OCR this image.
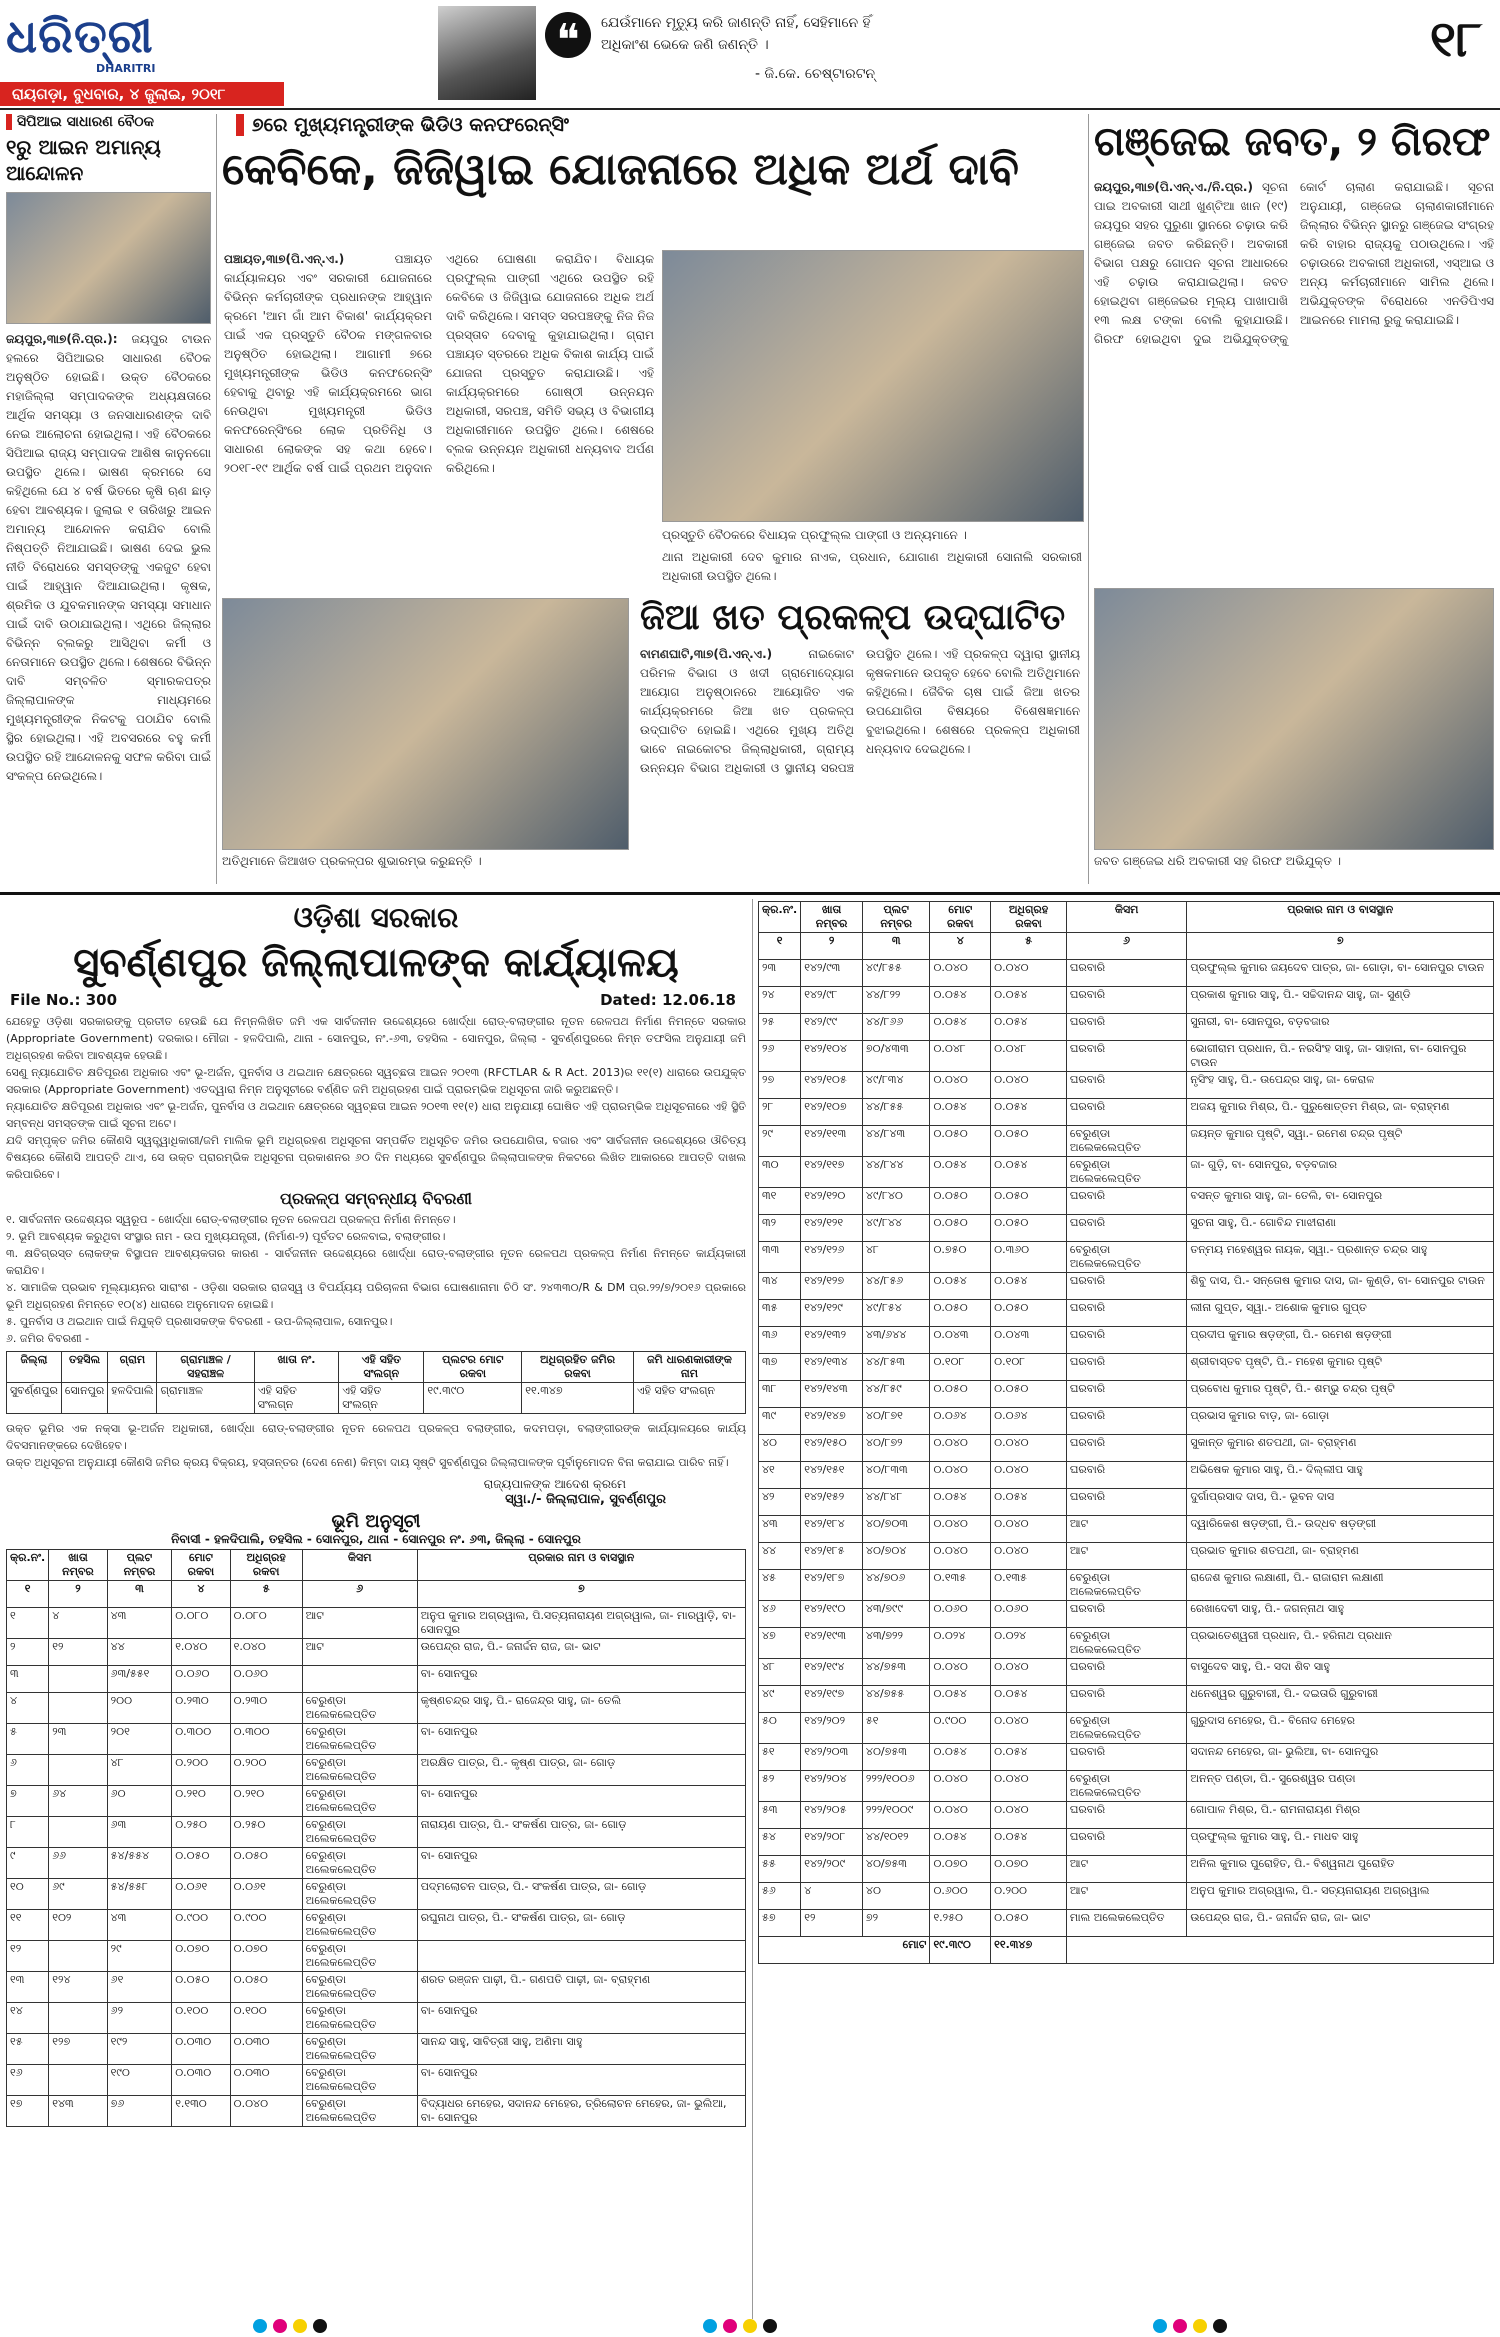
ଧରିତ୍ରୀ
DHARITRI
ରାୟଗଡ଼ା, ବୁଧବାର, ୪ ଜୁଲାଇ, ୨୦୧୮
❝	ଯେଉଁମାନେ ମୃତ୍ୟୁ କରି ଜାଣନ୍ତି ନାହିଁ, ସେହିମାନେ ହିଁ
ଅଧିକାଂଶ ଭେକେ ଜଣି ଜଣନ୍ତି ।
- ଜି.କେ. ଚେଷ୍ଟାରଟନ୍
୧୮
ସିପିଆଇ ସାଧାରଣ ବୈଠକ
୧ରୁ ଆଇନ ଅମାନ୍ୟ ଆନ୍ଦୋଳନ
ଜୟପୁର,୩ା୭(ନି.ପ୍ର.): ଜୟପୁର ଟାଉନ ହଲରେ ସିପିଆଇର ସାଧାରଣ ବୈଠକ ଅନୁଷ୍ଠିତ ହୋଇଛି। ଉକ୍ତ ବୈଠକରେ ମହାଜିଲ୍ଲା ସମ୍ପାଦକଙ୍କ ଅଧ୍ୟକ୍ଷତାରେ ଆର୍ଥିକ ସମସ୍ୟା ଓ ଜନସାଧାରଣଙ୍କ ଦାବି ନେଇ ଆଲୋଚନା ହୋଇଥିଲା। ଏହି ବୈଠକରେ ସିପିଆଇ ରାଜ୍ୟ ସମ୍ପାଦକ ଆଶିଷ କାନୁନଗୋ ଉପସ୍ଥିତ ଥିଲେ। ଭାଷଣ କ୍ରମରେ ସେ କହିଥିଲେ ଯେ ୪ ବର୍ଷ ଭିତରେ କୃଷି ଋଣ ଛାଡ଼ ହେବା ଆବଶ୍ୟକ। ଜୁଲାଇ ୧ ତାରିଖରୁ ଆଇନ ଅମାନ୍ୟ ଆନ୍ଦୋଳନ କରାଯିବ ବୋଲି ନିଷ୍ପତ୍ତି ନିଆଯାଇଛି। ଭାଷଣ ଦେଇ ଭୁଲ ନୀତି ବିରୋଧରେ ସମସ୍ତଙ୍କୁ ଏକଜୁଟ ହେବା ପାଇଁ ଆହ୍ୱାନ ଦିଆଯାଇଥିଲା। କୃଷକ, ଶ୍ରମିକ ଓ ଯୁବକମାନଙ୍କ ସମସ୍ୟା ସମାଧାନ ପାଇଁ ଦାବି ଉଠାଯାଇଥିଲା। ଏଥିରେ ଜିଲ୍ଲାର ବିଭିନ୍ନ ବ୍ଲକରୁ ଆସିଥିବା କର୍ମୀ ଓ ନେତାମାନେ ଉପସ୍ଥିତ ଥିଲେ। ଶେଷରେ ବିଭିନ୍ନ ଦାବି ସମ୍ବଳିତ ସ୍ମାରକପତ୍ର ଜିଲ୍ଲାପାଳଙ୍କ ମାଧ୍ୟମରେ ମୁଖ୍ୟମନ୍ତ୍ରୀଙ୍କ ନିକଟକୁ ପଠାଯିବ ବୋଲି ସ୍ଥିର ହୋଇଥିଲା। ଏହି ଅବସରରେ ବହୁ କର୍ମୀ ଉପସ୍ଥିତ ରହି ଆନ୍ଦୋଳନକୁ ସଫଳ କରିବା ପାଇଁ ସଂକଳ୍ପ ନେଇଥିଲେ।
୭ରେ ମୁଖ୍ୟମନ୍ତ୍ରୀଙ୍କ ଭିଡିଓ କନଫରେନ୍ସିଂ
କେବିକେ, ଜିଜିୱାଇ ଯୋଜନାରେ ଅଧିକ ଅର୍ଥ ଦାବି
ପଞ୍ଚାୟତ,୩ା୭(ପି.ଏନ୍.ଏ.)	ପଞ୍ଚାୟତ କାର୍ଯ୍ୟାଳୟର ଏବଂ ସରକାରୀ ଯୋଜନାରେ ବିଭିନ୍ନ କର୍ମଚାରୀଙ୍କ ପ୍ରଧାନଙ୍କ ଆହ୍ୱାନ କ୍ରମେ 'ଆମ ଗାଁ ଆମ ବିକାଶ' କାର୍ଯ୍ୟକ୍ରମ ପାଇଁ ଏକ ପ୍ରସ୍ତୁତି ବୈଠକ ମଙ୍ଗଳବାର ଅନୁଷ୍ଠିତ ହୋଇଥିଲା। ଆଗାମୀ ୭ରେ ମୁଖ୍ୟମନ୍ତ୍ରୀଙ୍କ ଭିଡିଓ କନଫରେନ୍ସିଂ ହେବାକୁ ଥିବାରୁ ଏହି କାର୍ଯ୍ୟକ୍ରମରେ ଭାଗ ନେଉଥିବା ମୁଖ୍ୟମନ୍ତ୍ରୀ ଭିଡିଓ କନଫରେନ୍ସିଂରେ ଲୋକ ପ୍ରତିନିଧି ଓ ସାଧାରଣ ଲୋକଙ୍କ ସହ କଥା ହେବେ। ୨୦୧୮-୧୯ ଆର୍ଥିକ ବର୍ଷ ପାଇଁ ପ୍ରଥମ ଅନୁଦାନ ଏଥିରେ ଘୋଷଣା କରାଯିବ। ବିଧାୟକ ପ୍ରଫୁଲ୍ଲ ପାଙ୍ଗୀ ଏଥିରେ ଉପସ୍ଥିତ ରହି କେବିକେ ଓ ଜିଜିୱାଇ ଯୋଜନାରେ ଅଧିକ ଅର୍ଥ ଦାବି କରିଥିଲେ। ସମସ୍ତ ସରପଞ୍ଚଙ୍କୁ ନିଜ ନିଜ ପ୍ରସ୍ତାବ ଦେବାକୁ କୁହାଯାଇଥିଲା। ଗ୍ରାମ ପଞ୍ଚାୟତ ସ୍ତରରେ ଅଧିକ ବିକାଶ କାର୍ଯ୍ୟ ପାଇଁ ଯୋଜନା ପ୍ରସ୍ତୁତ କରାଯାଉଛି। ଏହି କାର୍ଯ୍ୟକ୍ରମରେ ଗୋଷ୍ଠୀ ଉନ୍ନୟନ ଅଧିକାରୀ, ସରପଞ୍ଚ, ସମିତି ସଭ୍ୟ ଓ ବିଭାଗୀୟ ଅଧିକାରୀମାନେ ଉପସ୍ଥିତ ଥିଲେ। ଶେଷରେ ବ୍ଲକ ଉନ୍ନୟନ ଅଧିକାରୀ ଧନ୍ୟବାଦ ଅର୍ପଣ କରିଥିଲେ।
ପ୍ରସ୍ତୁତି ବୈଠକରେ ବିଧାୟକ ପ୍ରଫୁଲ୍ଲ ପାଙ୍ଗୀ ଓ ଅନ୍ୟମାନେ ।
ଥାନା ଅଧିକାରୀ ଦେବ କୁମାର ନାଏକ, ପ୍ରଧାନ, ଯୋଗାଣ ଅଧିକାରୀ ସୋନାଲି ସରକାରୀ ଅଧିକାରୀ ଉପସ୍ଥିତ ଥିଲେ।
ଅତିଥିମାନେ ଜିଆଖତ ପ୍ରକଳ୍ପର ଶୁଭାରମ୍ଭ କରୁଛନ୍ତି ।
ଜିଆ ଖତ ପ୍ରକଳ୍ପ ଉଦ୍‌ଘାଟିତ
ବାମଣଘାଟି,୩ା୭(ପି.ଏନ୍.ଏ.)	ନାଇକୋଟ ପରିମଳ ବିଭାଗ ଓ ଖଦୀ ଗ୍ରାମୋଦ୍ୟୋଗ ଆୟୋଗ ଅନୁଷ୍ଠାନରେ ଆୟୋଜିତ ଏକ କାର୍ଯ୍ୟକ୍ରମରେ ଜିଆ ଖତ ପ୍ରକଳ୍ପ ଉଦ୍‌ଘାଟିତ ହୋଇଛି। ଏଥିରେ ମୁଖ୍ୟ ଅତିଥି ଭାବେ ନାଇକୋଟର ଜିଲ୍ଲାଧିକାରୀ, ଗ୍ରାମ୍ୟ ଉନ୍ନୟନ ବିଭାଗ ଅଧିକାରୀ ଓ ସ୍ଥାନୀୟ ସରପଞ୍ଚ ଉପସ୍ଥିତ ଥିଲେ। ଏହି ପ୍ରକଳ୍ପ ଦ୍ୱାରା ସ୍ଥାନୀୟ କୃଷକମାନେ ଉପକୃତ ହେବେ ବୋଲି ଅତିଥିମାନେ କହିଥିଲେ। ଜୈବିକ ଚାଷ ପାଇଁ ଜିଆ ଖତର ଉପଯୋଗିତା ବିଷୟରେ ବିଶେଷଜ୍ଞମାନେ ବୁଝାଇଥିଲେ। ଶେଷରେ ପ୍ରକଳ୍ପ ଅଧିକାରୀ ଧନ୍ୟବାଦ ଦେଇଥିଲେ।
ଗଞ୍ଜେଇ ଜବତ, ୨ ଗିରଫ
ଜୟପୁର,୩ା୭(ପି.ଏନ୍.ଏ./ନି.ପ୍ର.) ସୂଚନା ପାଇ ଅବକାରୀ ସାଥୀ ଖୁଣ୍ଟିଆ ଖାନ (୧୯) ଜୟପୁର ସହର ପୁରୁଣା ସ୍ଥାନରେ ଚଢ଼ାଉ କରି ଗଞ୍ଜେଇ ଜବତ କରିଛନ୍ତି। ଅବକାରୀ ବିଭାଗ ପକ୍ଷରୁ ଗୋପନ ସୂଚନା ଆଧାରରେ ଏହି ଚଢ଼ାଉ କରାଯାଇଥିଲା। ଜବତ ହୋଇଥିବା ଗଞ୍ଜେଇର ମୂଲ୍ୟ ପାଖାପାଖି ୧୩ ଲକ୍ଷ ଟଙ୍କା ବୋଲି କୁହାଯାଉଛି। ଗିରଫ ହୋଇଥିବା ଦୁଇ ଅଭିଯୁକ୍ତଙ୍କୁ କୋର୍ଟ ଚାଲାଣ କରାଯାଇଛି। ସୂଚନା ଅନୁଯାୟୀ, ଗଞ୍ଜେଇ ଚାଲାଣକାରୀମାନେ ଜିଲ୍ଲାର ବିଭିନ୍ନ ସ୍ଥାନରୁ ଗଞ୍ଜେଇ ସଂଗ୍ରହ କରି ବାହାର ରାଜ୍ୟକୁ ପଠାଉଥିଲେ। ଏହି ଚଢ଼ାଉରେ ଅବକାରୀ ଅଧିକାରୀ, ଏସ୍ଆଇ ଓ ଅନ୍ୟ କର୍ମଚାରୀମାନେ ସାମିଲ ଥିଲେ। ଅଭିଯୁକ୍ତଙ୍କ ବିରୋଧରେ ଏନଡିପିଏସ ଆଇନରେ ମାମଲା ରୁଜୁ କରାଯାଇଛି।
ଜବତ ଗଞ୍ଜେଇ ଧରି ଅବକାରୀ ସହ ଗିରଫ ଅଭିଯୁକ୍ତ ।
ଓଡ଼ିଶା ସରକାର
ସୁବର୍ଣ୍ଣପୁର ଜିଲ୍ଲାପାଳଙ୍କ କାର୍ଯ୍ୟାଳୟ
File No.: 300	Dated: 12.06.18

ଯେହେତୁ ଓଡ଼ିଶା ସରକାରଙ୍କୁ ପ୍ରତୀତ ହେଉଛି ଯେ ନିମ୍ନଲିଖିତ ଜମି ଏକ ସାର୍ବଜନୀନ ଉଦ୍ଦେଶ୍ୟରେ ଖୋର୍ଦ୍ଧା ରୋଡ୍-ବଲାଙ୍ଗୀର ନୂତନ ରେଳପଥ ନିର୍ମାଣ ନିମନ୍ତେ ସରକାର (Appropriate Government) ଦରକାର। ମୌଜା - ହଳଦିପାଲି, ଥାନା - ସୋନପୁର, ନଂ.-୬୩, ତହସିଲ - ସୋନପୁର, ଜିଲ୍ଲା - ସୁବର୍ଣ୍ଣପୁରରେ ନିମ୍ନ ତଫସିଲ ଅନୁଯାୟୀ ଜମି ଅଧିଗ୍ରହଣ କରିବା ଆବଶ୍ୟକ ହେଉଛି।

ସେଣୁ ନ୍ୟାଯୋଚିତ କ୍ଷତିପୂରଣ ଅଧିକାର ଏବଂ ଭୂ-ଅର୍ଜନ, ପୁନର୍ବାସ ଓ ଥଇଥାନ କ୍ଷେତ୍ରରେ ସ୍ୱଚ୍ଛତା ଆଇନ ୨୦୧୩ (RFCTLAR & R Act. 2013)ର ୧୧(୧) ଧାରାରେ ଉପଯୁକ୍ତ ସରକାର (Appropriate Government) ଏତଦ୍ୱାରା ନିମ୍ନ ଅନୁସୂଚୀରେ ବର୍ଣ୍ଣିତ ଜମି ଅଧିଗ୍ରହଣ ପାଇଁ ପ୍ରାରମ୍ଭିକ ଅଧିସୂଚନା ଜାରି କରୁଅଛନ୍ତି।

ନ୍ୟାଯୋଚିତ କ୍ଷତିପୂରଣ ଅଧିକାର ଏବଂ ଭୂ-ଅର୍ଜନ, ପୁନର୍ବାସ ଓ ଥଇଥାନ କ୍ଷେତ୍ରରେ ସ୍ୱଚ୍ଛତା ଆଇନ ୨୦୧୩ ୧୧(୧) ଧାରା ଅନୁଯାୟୀ ଘୋଷିତ ଏହି ପ୍ରାରମ୍ଭିକ ଅଧିସୂଚନାରେ ଏହି ସ୍ଥିତି ସମ୍ବନ୍ଧ ସମସ୍ତଙ୍କ ପାଇଁ ସୂଚନା ଅଟେ।

ଯଦି ସମ୍ପୃକ୍ତ ଜମିର କୌଣସି ସ୍ୱତ୍ତ୍ୱାଧିକାରୀ/ଜମି ମାଲିକ ଭୂମି ଅଧିଗ୍ରହଣ ଅଧିସୂଚନା ସମ୍ପର୍କିତ ଅଧିସୂଚିତ ଜମିର ଉପଯୋଗିତା, ବଜାର ଏବଂ ସାର୍ବଜନୀନ ଉଦ୍ଦେଶ୍ୟରେ ଔଚିତ୍ୟ ବିଷୟରେ କୌଣସି ଆପତ୍ତି ଥାଏ, ସେ ଉକ୍ତ ପ୍ରାରମ୍ଭିକ ଅଧିସୂଚନା ପ୍ରକାଶନର ୬୦ ଦିନ ମଧ୍ୟରେ ସୁବର୍ଣ୍ଣପୁର ଜିଲ୍ଲାପାଳଙ୍କ ନିକଟରେ ଲିଖିତ ଆକାରରେ ଆପତ୍ତି ଦାଖଲ କରିପାରିବେ।

ପ୍ରକଳ୍ପ ସମ୍ବନ୍ଧୀୟ ବିବରଣୀ

୧. ସାର୍ବଜନୀନ ଉଦ୍ଦେଶ୍ୟର ସ୍ୱରୂପ - ଖୋର୍ଦ୍ଧା ରୋଡ୍-ବଲାଙ୍ଗୀର ନୂତନ ରେଳପଥ ପ୍ରକଳ୍ପ ନିର୍ମାଣ ନିମନ୍ତେ।

୨. ଭୂମି ଆବଶ୍ୟକ କରୁଥିବା ସଂସ୍ଥାର ନାମ - ଉପ ମୁଖ୍ୟଯନ୍ତ୍ରୀ, (ନିର୍ମାଣ-୨) ପୂର୍ବତଟ ରେଳବାଇ, ବଲାଙ୍ଗୀର।

୩. କ୍ଷତିଗ୍ରସ୍ତ ଲୋକଙ୍କ ବିସ୍ଥାପନ ଆବଶ୍ୟକତାର କାରଣ - ସାର୍ବଜନୀନ ଉଦ୍ଦେଶ୍ୟରେ ଖୋର୍ଦ୍ଧା ରୋଡ୍-ବଲାଙ୍ଗୀର ନୂତନ ରେଳପଥ ପ୍ରକଳ୍ପ ନିର୍ମାଣ ନିମନ୍ତେ କାର୍ଯ୍ୟକାରୀ କରାଯିବ।

୪. ସାମାଜିକ ପ୍ରଭାବ ମୂଲ୍ୟାୟନର ସାରାଂଶ - ଓଡ଼ିଶା ସରକାର ରାଜସ୍ୱ ଓ ବିପର୍ଯ୍ୟୟ ପରିଚାଳନା ବିଭାଗ ଘୋଷଣାନାମା ଚିଠି ସଂ. ୨୪୩୩୦/R & DM ପ୍ର.୨୨/୭/୨୦୧୬ ପ୍ରକାରେ ଭୂମି ଅଧିଗ୍ରହଣ ନିମନ୍ତେ ୧୦(୪) ଧାରାରେ ଅନୁମୋଦନ ହୋଇଛି।

୫. ପୁନର୍ବାସ ଓ ଥଇଥାନ ପାଇଁ ନିଯୁକ୍ତି ପ୍ରଶାସକଙ୍କ ବିବରଣୀ - ଉପ-ଜିଲ୍ଲାପାଳ, ସୋନପୁର।

୬. ଜମିର ବିବରଣୀ -

ଜିଲ୍ଲା	ତହସିଲ	ଗ୍ରାମ	ଗ୍ରାମାଞ୍ଚଳ / ସହରାଞ୍ଚଳ	ଖାତା ନଂ.	ଏହି ସହିତ ସଂଲଗ୍ନ	ପ୍ଲଟର ମୋଟ ରକବା	ଅଧିଗ୍ରହିତ ଜମିର ରକବା	ଜମି ଧାରଣକାରୀଙ୍କ ନାମ
ସୁବର୍ଣ୍ଣପୁର	ସୋନପୁର	ହଳଦିପାଲି	ଗ୍ରାମାଞ୍ଚଳ	ଏହି ସହିତ ସଂଲଗ୍ନ	ଏହି ସହିତ ସଂଲଗ୍ନ	୧୯.୩୯୦	୧୧.୩୪୭	ଏହି ସହିତ ସଂଲଗ୍ନ

ଉକ୍ତ ଭୂମିର ଏକ ନକ୍ସା ଭୂ-ଅର୍ଜନ ଅଧିକାରୀ, ଖୋର୍ଦ୍ଧା ରୋଡ୍-ବଲାଙ୍ଗୀର ନୂତନ ରେଳପଥ ପ୍ରକଳ୍ପ ବଲାଙ୍ଗୀର, କଦମପଡ଼ା, ବଲାଙ୍ଗୀରଙ୍କ କାର୍ଯ୍ୟାଳୟରେ କାର୍ଯ୍ୟ ଦିବସମାନଙ୍କରେ ଦେଖିହେବ।

ଉକ୍ତ ଅଧିସୂଚନା ଅନୁଯାୟୀ କୌଣସି ଜମିର କ୍ରୟ ବିକ୍ରୟ, ହସ୍ତାନ୍ତର (ଦେଣ ନେଣ) କିମ୍ବା ଦାୟ ସୃଷ୍ଟି ସୁବର୍ଣ୍ଣପୁର ଜିଲ୍ଲାପାଳଙ୍କ ପୂର୍ବାନୁମୋଦନ ବିନା କରାଯାଇ ପାରିବ ନାହିଁ।

ରାଜ୍ୟପାଳଙ୍କ ଆଦେଶ କ୍ରମେ
ସ୍ୱା./- ଜିଲ୍ଲାପାଳ, ସୁବର୍ଣ୍ଣପୁର
ଭୂମି ଅନୁସୂଚୀ
ନିବାସୀ - ହଳଦିପାଲି, ତହସିଲ - ସୋନପୁର, ଥାନା - ସୋନପୁର ନଂ. ୬୩, ଜିଲ୍ଲା - ସୋନପୁର
କ୍ର.ନଂ.	ଖାତା ନମ୍ବର	ପ୍ଲଟ ନମ୍ବର	ମୋଟ ରକବା	ଅଧିଗ୍ରହ ରକବା	କିସମ	ପ୍ରକାର ନାମ ଓ ବାସସ୍ଥାନ
୧	୨	୩	୪	୫	୬	୭
୧	୪	୪୩	୦.୦୮୦	୦.୦୮୦	ଆଟ	ଅନୁପ କୁମାର ଅଗ୍ରୱାଲ, ପି.ସତ୍ୟନାରାୟଣ ଅଗ୍ରୱାଲ, ଜା- ମାରୱାଡ଼ି, ବା- ସୋନପୁର
୨	୧୨	୪୪	୧.୦୪୦	୧.୦୪୦	ଆଟ	ଉପେନ୍ଦ୍ର ରାଜ, ପି.- ଜନାର୍ଦ୍ଦନ ରାଜ, ଜା- ଭାଟ
୩		୬୩/୫୫୧	୦.୦୬୦	୦.୦୬୦		ବା- ସୋନପୁର
୪		୨୦୦	୦.୨୩୦	୦.୨୩୦	ବେରୁଣ୍ଡା ଅଲେକଲେପ୍ତିତ	କୃଷ୍ଣଚନ୍ଦ୍ର ସାହୁ, ପି.- ରାଜେନ୍ଦ୍ର ସାହୁ, ଜା- ତେଲି
୫	୨୩	୨୦୧	୦.୩୦୦	୦.୩୦୦	ବେରୁଣ୍ଡା ଅଲେକଲେପ୍ତିତ	ବା- ସୋନପୁର
୬		୪୮	୦.୨୦୦	୦.୨୦୦	ବେରୁଣ୍ଡା ଅଲେକଲେପ୍ତିତ	ଅରକ୍ଷିତ ପାତ୍ର, ପି.- କୃଷ୍ଣ ପାତ୍ର, ଜା- ଗୋଡ଼
୭	୬୪	୬୦	୦.୨୧୦	୦.୨୧୦	ବେରୁଣ୍ଡା ଅଲେକଲେପ୍ତିତ	ବା- ସୋନପୁର
୮		୬୩	୦.୨୫୦	୦.୨୫୦	ବେରୁଣ୍ଡା ଅଲେକଲେପ୍ତିତ	ନାରାୟଣ ପାତ୍ର, ପି.- ସଂକର୍ଷଣ ପାତ୍ର, ଜା- ଗୋଡ଼
୯	୬୬	୫୪/୫୫୪	୦.୦୫୦	୦.୦୫୦	ବେରୁଣ୍ଡା ଅଲେକଲେପ୍ତିତ	ବା- ସୋନପୁର
୧୦	୬୯	୫୪/୫୫୮	୦.୦୬୧	୦.୦୬୧	ବେରୁଣ୍ଡା ଅଲେକଲେପ୍ତିତ	ପଦ୍ମଲୋଚନ ପାତ୍ର, ପି.- ସଂକର୍ଷଣ ପାତ୍ର, ଜା- ଗୋଡ଼
୧୧	୧୦୨	୪୩	୦.୯୦୦	୦.୯୦୦	ବେରୁଣ୍ଡା ଅଲେକଲେପ୍ତିତ	ରଘୁନାଥ ପାତ୍ର, ପି.- ସଂକର୍ଷଣ ପାତ୍ର, ଜା- ଗୋଡ଼
୧୨		୨୯	୦.୦୭୦	୦.୦୭୦	ବେରୁଣ୍ଡା ଅଲେକଲେପ୍ତିତ	
୧୩	୧୨୪	୬୧	୦.୦୫୦	୦.୦୫୦	ବେରୁଣ୍ଡା ଅଲେକଲେପ୍ତିତ	ଶରତ ରଞ୍ଜନ ପାଢ଼ୀ, ପି.- ଗଣପତି ପାଢ଼ୀ, ଜା- ବ୍ରାହ୍ମଣ
୧୪		୬୨	୦.୧୦୦	୦.୧୦୦	ବେରୁଣ୍ଡା ଅଲେକଲେପ୍ତିତ	ବା- ସୋନପୁର
୧୫	୧୨୭	୧୯୨	୦.୦୩୦	୦.୦୩୦	ବେରୁଣ୍ଡା ଅଲେକଲେପ୍ତିତ	ସାନନ୍ଦ ସାହୁ, ସାବିତ୍ରୀ ସାହୁ, ଅଣିମା ସାହୁ
୧୬		୧୯୦	୦.୦୩୦	୦.୦୩୦	ବେରୁଣ୍ଡା ଅଲେକଲେପ୍ତିତ	ବା- ସୋନପୁର
୧୭	୧୪୩	୭୬	୧.୧୩୦	୦.୦୪୦	ବେରୁଣ୍ଡା ଅଲେକଲେପ୍ତିତ	ବିଦ୍ୟାଧର ମେହେର, ସଦାନନ୍ଦ ମେହେର, ତ୍ରିଲୋଚନ ମେହେର, ଜା- ଭୁଲିଆ, ବା- ସୋନପୁର
କ୍ର.ନଂ.	ଖାତା ନମ୍ବର	ପ୍ଲଟ ନମ୍ବର	ମୋଟ ରକବା	ଅଧିଗ୍ରହ ରକବା	କିସମ	ପ୍ରକାର ନାମ ଓ ବାସସ୍ଥାନ
୧	୨	୩	୪	୫	୬	୭
୨୩	୧୪୨/୯୩	୪୯/୮୫୫	୦.୦୪୦	୦.୦୪୦	ଘରବାରି	ପ୍ରଫୁଲ୍ଲ କୁମାର ଜୟଦେବ ପାତ୍ର, ଜା- ଗୋଡ଼ା, ବା- ସୋନପୁର ଟାଉନ
୨୪	୧୪୨/୯୮	୪୪/୮୨୨	୦.୦୫୪	୦.୦୫୪	ଘରବାରି	ପ୍ରକାଶ କୁମାର ସାହୁ, ପି.- ସଚ୍ଚିଦାନନ୍ଦ ସାହୁ, ଜା- ସୁଣ୍ଡି
୨୫	୧୪୨/୯୯	୪୪/୮୬୬	୦.୦୫୪	୦.୦୫୪	ଘରବାରି	ସୁନାରୀ, ବା- ସୋନପୁର, ବଡ଼ବଜାର
୨୬	୧୪୨/୧୦୪	୭୦/୪୩୩	୦.୦୪୮	୦.୦୪୮	ଘରବାରି	ଭୋଗୀରାମ ପ୍ରଧାନ, ପି.- ନରସିଂହ ସାହୁ, ଜା- ସାହାନା, ବା- ସୋନପୁର ଟାଉନ
୨୭	୧୪୨/୧୦୫	୪୯/୮୩୪	୦.୦୪୦	୦.୦୪୦	ଘରବାରି	ନୃସିଂହ ସାହୁ, ପି.- ଉପେନ୍ଦ୍ର ସାହୁ, ଜା- କେରାଳ
୨୮	୧୪୨/୧୦୭	୪୪/୮୫୫	୦.୦୫୪	୦.୦୫୪	ଘରବାରି	ଅଜୟ କୁମାର ମିଶ୍ର, ପି.- ପୁରୁଷୋତ୍ତମ ମିଶ୍ର, ଜା- ବ୍ରାହ୍ମଣ
୨୯	୧୪୨/୧୧୩	୪୪/୮୪୩	୦.୦୫୦	୦.୦୫୦	ବେରୁଣ୍ଡା ଅଲେକଲେପ୍ତିତ	ଜୟନ୍ତ କୁମାର ପୃଷ୍ଟି, ସ୍ୱା.- ରମେଶ ଚନ୍ଦ୍ର ପୃଷ୍ଟି
୩୦	୧୪୨/୧୧୭	୪୪/୮୪୪	୦.୦୫୪	୦.୦୫୪	ବେରୁଣ୍ଡା ଅଲେକଲେପ୍ତିତ	ଜା- ଗୁଡ଼ି, ବା- ସୋନପୁର, ବଡ଼ବଜାର
୩୧	୧୪୨/୧୨୦	୪୯/୮୪୦	୦.୦୫୦	୦.୦୫୦	ଘରବାରି	ବସନ୍ତ କୁମାର ସାହୁ, ଜା- ତେଲି, ବା- ସୋନପୁର
୩୨	୧୪୨/୧୨୧	୪୯/୮୪୪	୦.୦୫୦	୦.୦୫୦	ଘରବାରି	ସୁଚନା ସାହୁ, ପି.- ଗୋବିନ୍ଦ ମାଝୀରାଣା
୩୩	୧୪୨/୧୨୬	୪୮	୦.୭୫୦	୦.୩୬୦	ବେରୁଣ୍ଡା ଅଲେକଲେପ୍ତିତ	ତନ୍ମୟ ମହେଶ୍ୱର ନାୟକ, ସ୍ୱା.- ପ୍ରଶାନ୍ତ ଚନ୍ଦ୍ର ସାହୁ
୩୪	୧୪୨/୧୨୭	୪୪/୮୫୬	୦.୦୫୪	୦.୦୫୪	ଘରବାରି	ଶିବୁ ଦାସ, ପି.- ସନ୍ତୋଷ କୁମାର ଦାସ, ଜା- କୁଣ୍ଡି, ବା- ସୋନପୁର ଟାଉନ
୩୫	୧୪୨/୧୨୯	୪୯/୮୫୪	୦.୦୫୦	୦.୦୫୦	ଘରବାରି	ଲୀନା ଗୁପ୍ତ, ସ୍ୱା.- ଅଶୋକ କୁମାର ଗୁପ୍ତ
୩୬	୧୪୨/୧୩୨	୪୩/୬୪୪	୦.୦୪୩	୦.୦୪୩	ଘରବାରି	ପ୍ରଦୀପ କୁମାର ଷଡ଼ଙ୍ଗୀ, ପି.- ରମେଶ ଷଡ଼ଙ୍ଗୀ
୩୭	୧୪୨/୧୩୪	୪୪/୮୫୩	୦.୧୦୮	୦.୧୦୮	ଘରବାରି	ଶ୍ରୀବାସ୍ତବ ପୃଷ୍ଟି, ପି.- ମହେଶ କୁମାର ପୃଷ୍ଟି
୩୮	୧୪୨/୧୪୩	୪୪/୮୫୯	୦.୦୫୦	୦.୦୫୦	ଘରବାରି	ପ୍ରବୋଧ କୁମାର ପୃଷ୍ଟି, ପି.- ଶମ୍ଭୁ ଚନ୍ଦ୍ର ପୃଷ୍ଟି
୩୯	୧୪୨/୧୪୭	୪୦/୮୭୧	୦.୦୬୪	୦.୦୬୪	ଘରବାରି	ପ୍ରଭାସ କୁମାର ବାଡ଼, ଜା- ଗୋଡ଼ା
୪୦	୧୪୨/୧୫୦	୪୦/୮୭୨	୦.୦୪୦	୦.୦୪୦	ଘରବାରି	ସୁକାନ୍ତ କୁମାର ଶତପଥୀ, ଜା- ବ୍ରାହ୍ମଣ
୪୧	୧୪୨/୧୫୧	୪୦/୮୩୩	୦.୦୪୦	୦.୦୪୦	ଘରବାରି	ଅଭିଷେକ କୁମାର ସାହୁ, ପି.- ଦିଲ୍ଲୀପ ସାହୁ
୪୨	୧୪୨/୧୫୨	୪୪/୮୪୮	୦.୦୫୪	୦.୦୫୪	ଘରବାରି	ଦୁର୍ଗାପ୍ରସାଦ ଦାସ, ପି.- ଭୂବନ ଦାସ
୪୩	୧୪୨/୧୮୪	୪୦/୭୦୩	୦.୦୪୦	୦.୦୪୦	ଆଟ	ଦ୍ୱାରିକେଶ ଷଡ଼ଙ୍ଗୀ, ପି.- ଉଦ୍ଧବ ଷଡ଼ଙ୍ଗୀ
୪୪	୧୪୨/୧୮୫	୪୦/୭୦୪	୦.୦୪୦	୦.୦୪୦	ଆଟ	ପ୍ରଭାତ କୁମାର ଶତପଥୀ, ଜା- ବ୍ରାହ୍ମଣ
୪୫	୧୪୨/୧୮୭	୪୪/୭୦୬	୦.୧୩୫	୦.୧୩୫	ବେରୁଣ୍ଡା ଅଲେକଲେପ୍ତିତ	ରାଜେଶ କୁମାର ଲକ୍ଷାଣୀ, ପି.- ରାଜାରାମ ଲକ୍ଷାଣୀ
୪୬	୧୪୨/୧୯୦	୪୩/୭୯୯	୦.୦୬୦	୦.୦୬୦	ଘରବାରି	ରେଖାଦେବୀ ସାହୁ, ପି.- ଜଗନ୍ନାଥ ସାହୁ
୪୭	୧୪୨/୧୯୩	୪୩/୭୨୨	୦.୦୨୪	୦.୦୨୪	ବେରୁଣ୍ଡା ଅଲେକଲେପ୍ତିତ	ପ୍ରଭାତେଶ୍ୱରୀ ପ୍ରଧାନ, ପି.- ହରିନାଥ ପ୍ରଧାନ
୪୮	୧୪୨/୧୯୪	୪୪/୭୫୩	୦.୦୪୦	୦.୦୪୦	ଘରବାରି	ବାସୁଦେବ ସାହୁ, ପି.- ସଦା ଶିବ ସାହୁ
୪୯	୧୪୨/୧୯୭	୪୪/୭୫୫	୦.୦୫୪	୦.୦୫୪	ଘରବାରି	ଧନେଶ୍ୱର ଗୁରୁବାରୀ, ପି.- ଦଇତାରି ଗୁରୁବାରୀ
୫୦	୧୪୨/୨୦୨	୫୧	୦.୯୦୦	୦.୦୪୦	ବେରୁଣ୍ଡା ଅଲେକଲେପ୍ତିତ	ଗୁରୁଦାସ ମେହେର, ପି.- ବିନୋଦ ମେହେର
୫୧	୧୪୨/୨୦୩	୪୦/୭୫୩	୦.୦୫୪	୦.୦୫୪	ଘରବାରି	ସଦାନନ୍ଦ ମେହେର, ଜା- ଭୁଲିଆ, ବା- ସୋନପୁର
୫୨	୧୪୨/୨୦୪	୨୨୨/୧୦୦୬	୦.୦୪୦	୦.୦୪୦	ବେରୁଣ୍ଡା ଅଲେକଲେପ୍ତିତ	ଅନନ୍ତ ପଣ୍ଡା, ପି.- ସୁରେଶ୍ୱର ପଣ୍ଡା
୫୩	୧୪୨/୨୦୫	୨୨୨/୧୦୦୯	୦.୦୪୦	୦.୦୪୦	ଘରବାରି	ଗୋପାଳ ମିଶ୍ର, ପି.- ରାମନାରାୟଣ ମିଶ୍ର
୫୪	୧୪୨/୨୦୮	୪୪/୧୦୧୨	୦.୦୫୪	୦.୦୫୪	ଘରବାରି	ପ୍ରଫୁଲ୍ଲ କୁମାର ସାହୁ, ପି.- ମାଧବ ସାହୁ
୫୫	୧୪୨/୨୦୯	୪୦/୭୫୩	୦.୦୭୦	୦.୦୭୦	ଆଟ	ଅନିଲ କୁମାର ପୁରୋହିତ, ପି.- ବିଶ୍ୱନାଥ ପୁରୋହିତ
୫୬	୪	୪୦	୦.୬୦୦	୦.୨୦୦	ଆଟ	ଅନୁପ କୁମାର ଅଗ୍ରୱାଲ, ପି.- ସତ୍ୟନାରାୟଣ ଅଗ୍ରୱାଲ
୫୭	୧୨	୭୨	୧.୨୫୦	୦.୦୫୦	ମାଲ ଅଲେକଲେପ୍ତିତ	ଉପେନ୍ଦ୍ର ରାଜ, ପି.- ଜନାର୍ଦ୍ଦନ ରାଜ, ଜା- ଭାଟ
ମୋଟ			୧୯.୩୯୦	୧୧.୩୪୭		
